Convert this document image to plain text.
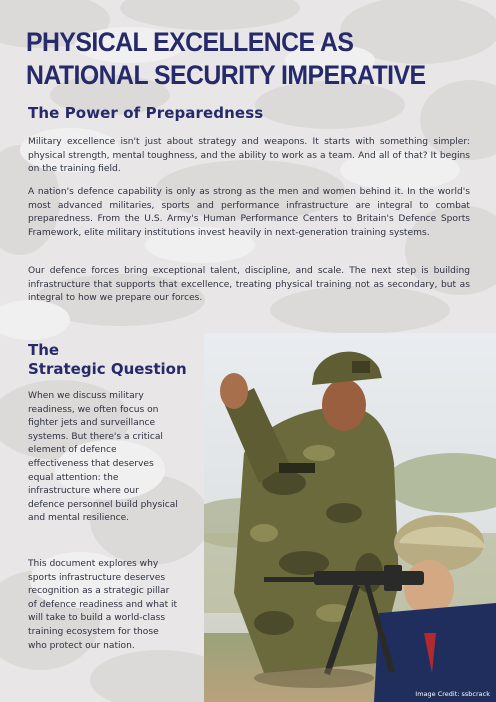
PHYSICAL EXCELLENCE AS
NATIONAL SECURITY IMPERATIVE
The Power of Preparedness

Military excellence isn't just about strategy and weapons. It starts with something simpler: physical strength, mental toughness, and the ability to work as a team. And all of that? It begins on the training field.

A nation's defence capability is only as strong as the men and women behind it. In the world's most advanced militaries, sports and performance infrastructure are integral to combat preparedness. From the U.S. Army's Human Performance Centers to Britain's Defence Sports Framework, elite military institutions invest heavily in next-generation training systems.

Our defence forces bring exceptional talent, discipline, and scale. The next step is building infrastructure that supports that excellence, treating physical training not as secondary, but as integral to how we prepare our forces.

The
Strategic Question

When we discuss military readiness, we often focus on fighter jets and surveillance systems. But there's a critical element of defence effectiveness that deserves equal attention: the infrastructure where our defence personnel build physical and mental resilience.

This document explores why sports infrastructure deserves recognition as a strategic pillar of defence readiness and what it will take to build a world-class training ecosystem for those who protect our nation.

Image Credit: ssbcrack
